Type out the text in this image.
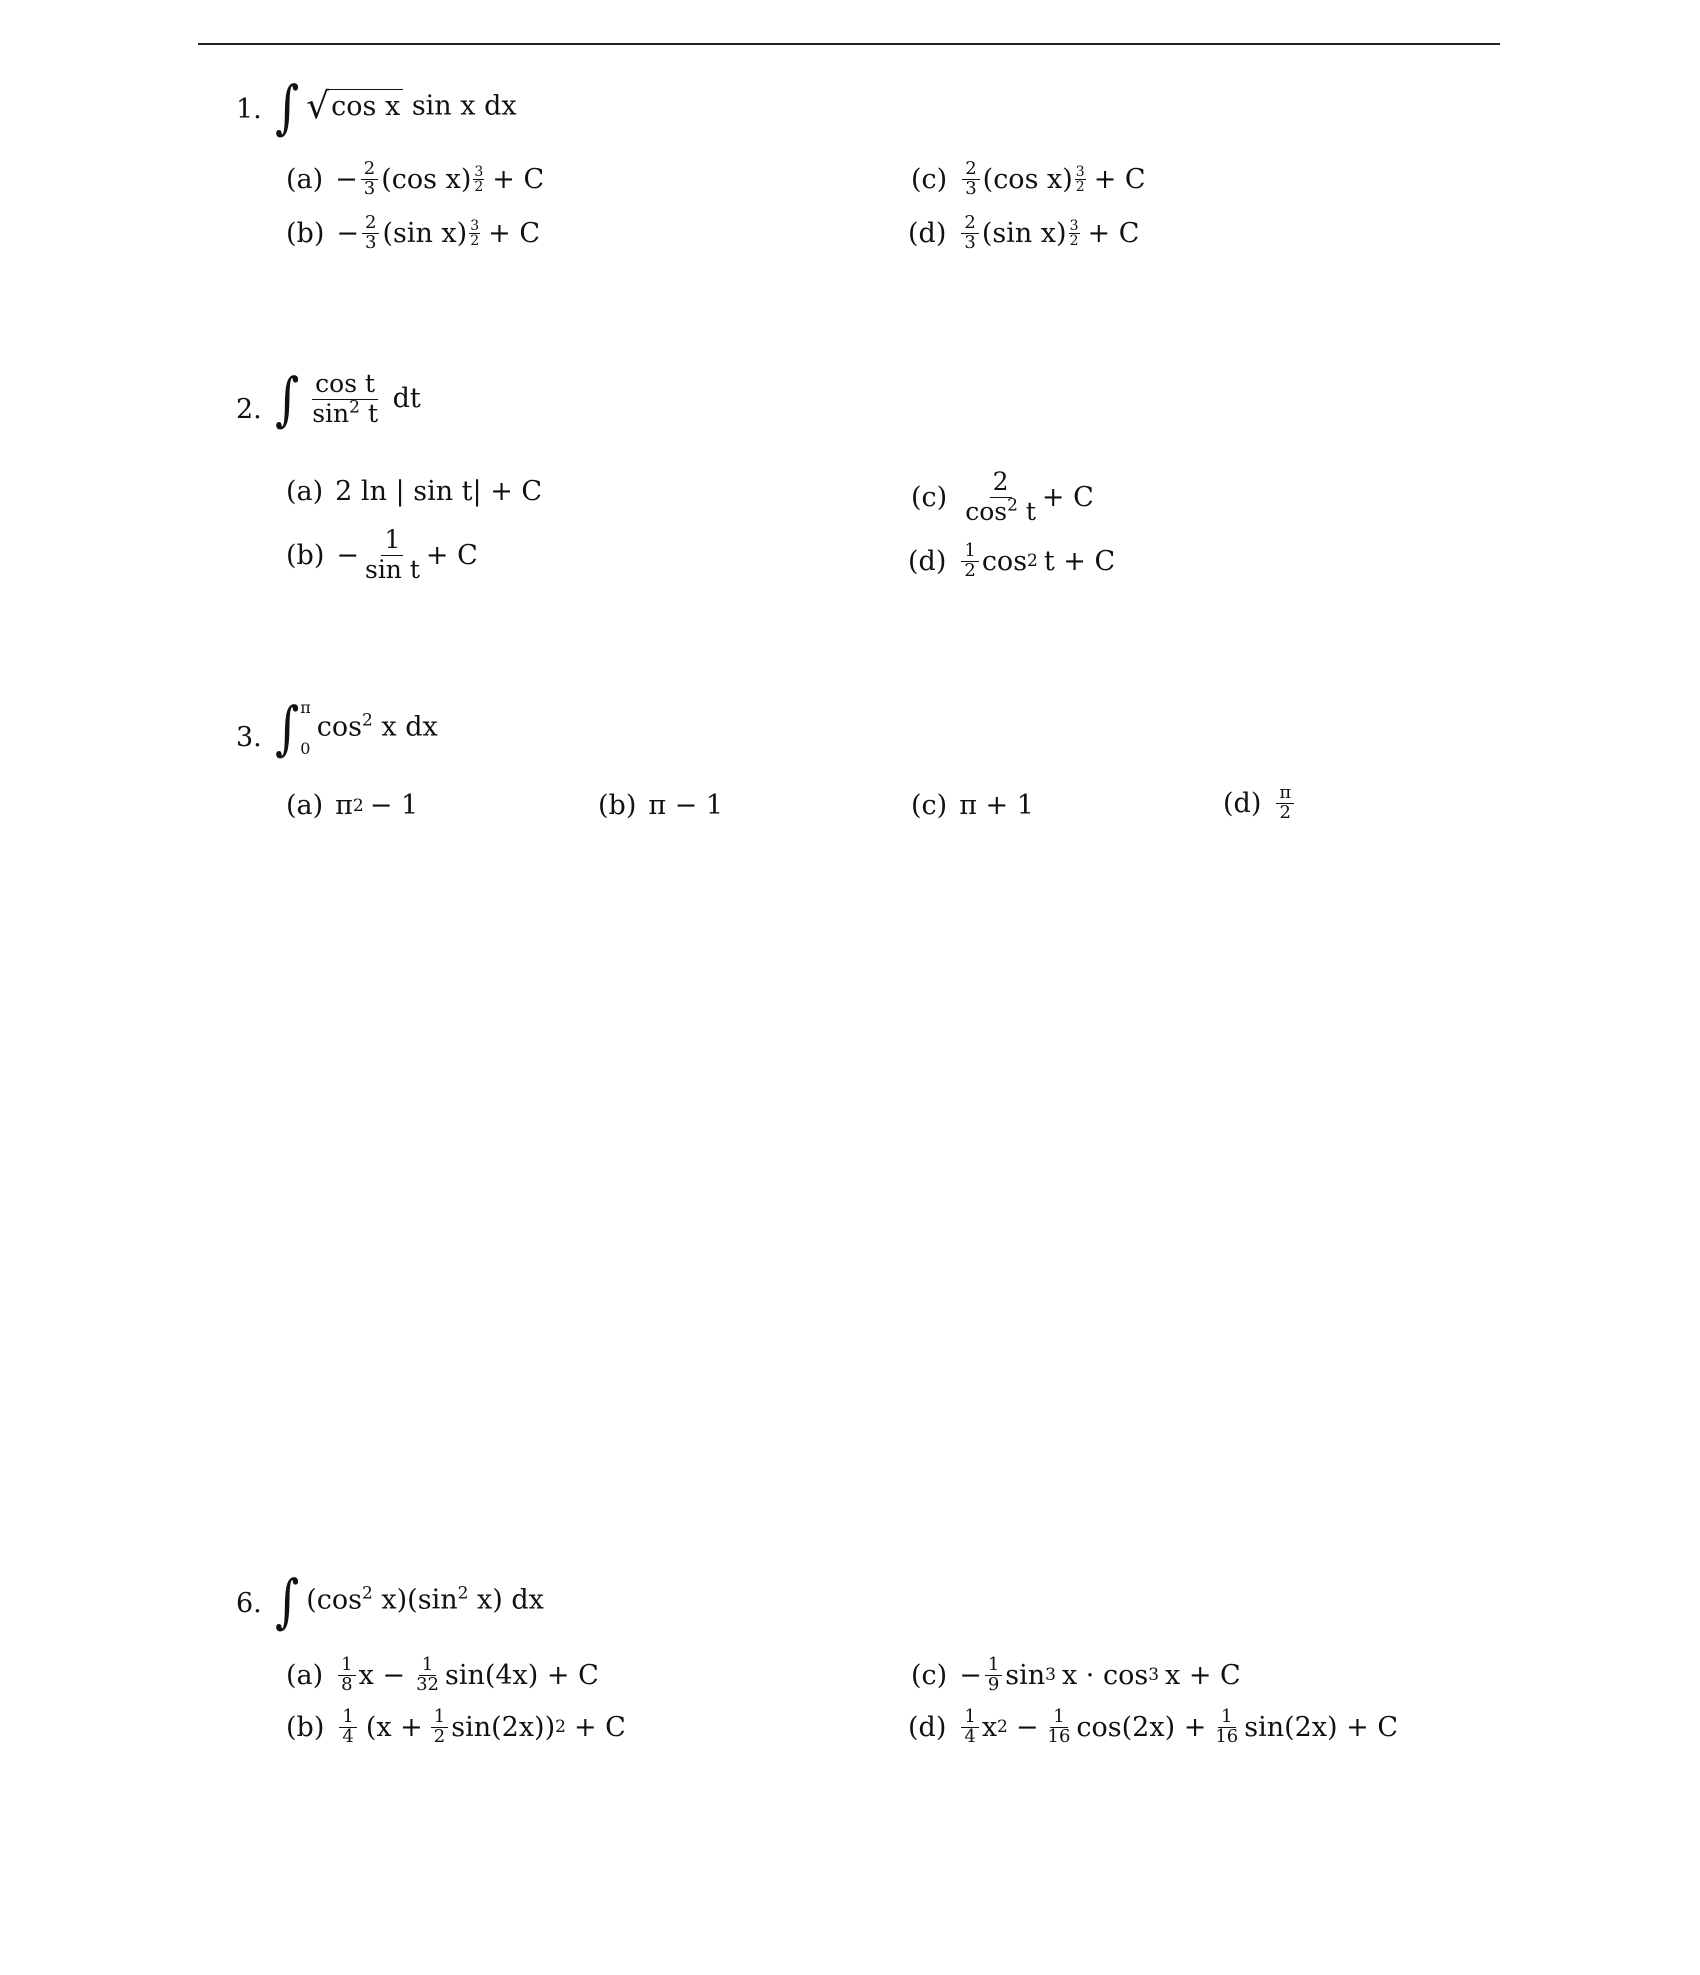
1. ∫ √ cos x sin x dx
$(a) - \frac{2}{3} (\cos$ x) 3
2 + C
$(b) - \frac{2}{3} (\sin$ x) 3
2 + C
(c) 2
3 (cos x) 3
2 + C
(d) 2
3 (sin x) 3
2 + C
2. ∫ $\frac{\text{cos t}}{\sin^2 t}$ dt
(a) 2 ln | sin t| + C
$(b) - \frac{1}{\text{sin t}} + C$
(c)
2
$\cos^2 t + C$
(d) 1
2 cos 2 t + C
3. ∫ π
0
$\cos^2 x$ dx
(a) π 2 − 1	(b) π − 1	(c) π + 1	(d) π
2
6. ∫ ($\cos^2$ $x)(\sin^2$ x) dx
(a) 1
8 $x - \frac{1}{32} \sin(4x) + C$
(b) 1
4 $(x + \frac{1}{2} \sin(2x))$ 2 + C
$(c) - \frac{1}{9}$ sin 3 x · cos 3 x + C
(d) 1
4 x $2 - \frac{1}{16} \cos(2x) + \frac{1}{16} \sin(2x) + C$
